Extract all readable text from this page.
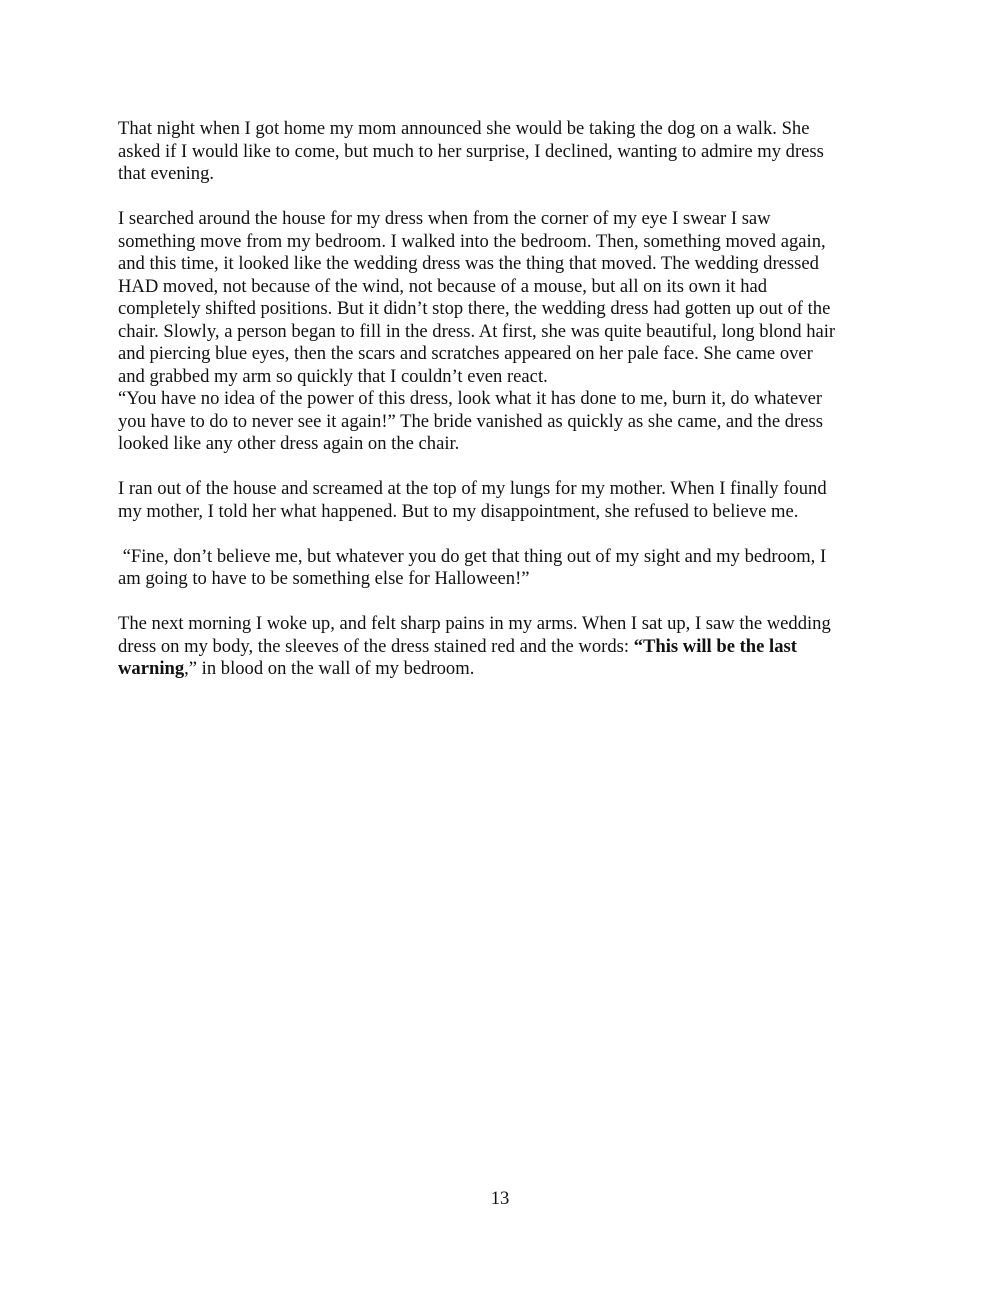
That night when I got home my mom announced she would be taking the dog on a walk. She
asked if I would like to come, but much to her surprise, I declined, wanting to admire my dress
that evening.

I searched around the house for my dress when from the corner of my eye I swear I saw
something move from my bedroom. I walked into the bedroom. Then, something moved again,
and this time, it looked like the wedding dress was the thing that moved. The wedding dressed
HAD moved, not because of the wind, not because of a mouse, but all on its own it had
completely shifted positions. But it didn’t stop there, the wedding dress had gotten up out of the
chair. Slowly, a person began to fill in the dress. At first, she was quite beautiful, long blond hair
and piercing blue eyes, then the scars and scratches appeared on her pale face. She came over
and grabbed my arm so quickly that I couldn’t even react.
“You have no idea of the power of this dress, look what it has done to me, burn it, do whatever
you have to do to never see it again!” The bride vanished as quickly as she came, and the dress
looked like any other dress again on the chair.

I ran out of the house and screamed at the top of my lungs for my mother. When I finally found
my mother, I told her what happened. But to my disappointment, she refused to believe me.

“Fine, don’t believe me, but whatever you do get that thing out of my sight and my bedroom, I
am going to have to be something else for Halloween!”

The next morning I woke up, and felt sharp pains in my arms. When I sat up, I saw the wedding
dress on my body, the sleeves of the dress stained red and the words: “This will be the last
warning,” in blood on the wall of my bedroom.

13
